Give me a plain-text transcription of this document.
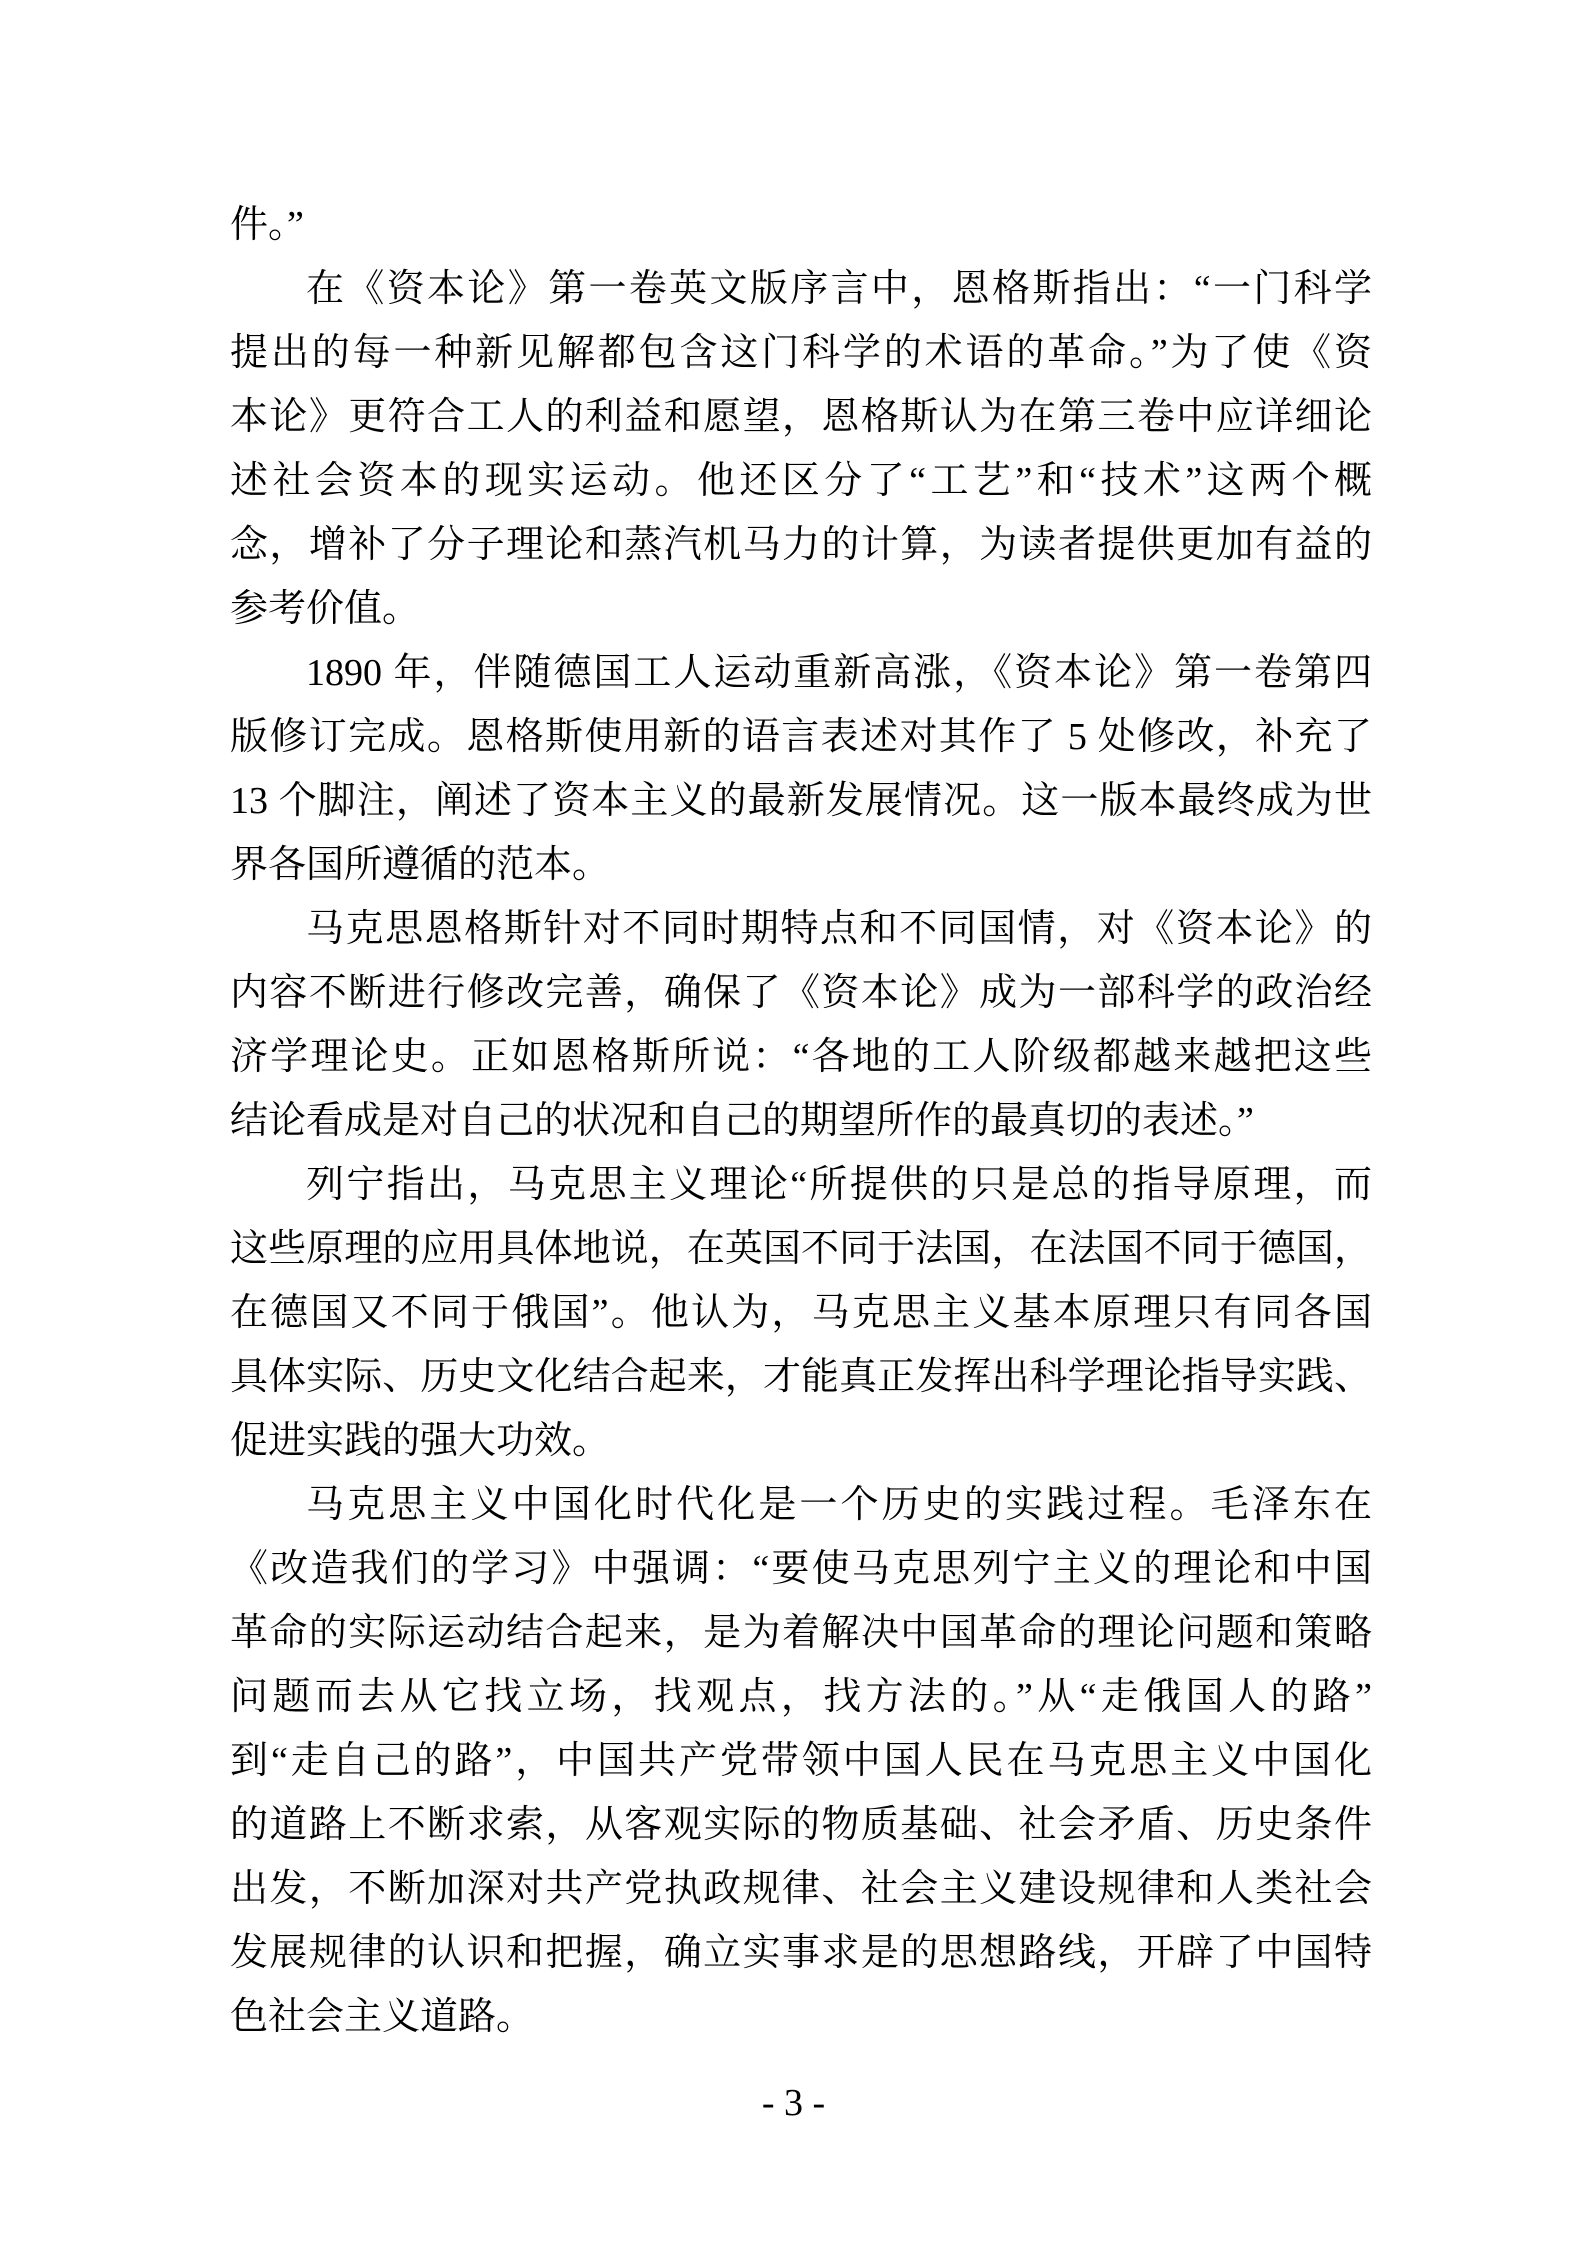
件。”

在《资本论》第一卷英文版序言中，恩格斯指出：“一门科学
提出的每一种新见解都包含这门科学的术语的革命。”为了使《资
本论》更符合工人的利益和愿望，恩格斯认为在第三卷中应详细论
述社会资本的现实运动。他还区分了“工艺”和“技术”这两个概
念，增补了分子理论和蒸汽机马力的计算，为读者提供更加有益的
参考价值。

1890 年，伴随德国工人运动重新高涨，《资本论》第一卷第四
版修订完成。恩格斯使用新的语言表述对其作了 5 处修改，补充了
13 个脚注，阐述了资本主义的最新发展情况。这一版本最终成为世
界各国所遵循的范本。

马克思恩格斯针对不同时期特点和不同国情，对《资本论》的
内容不断进行修改完善，确保了《资本论》成为一部科学的政治经
济学理论史。正如恩格斯所说：“各地的工人阶级都越来越把这些
结论看成是对自己的状况和自己的期望所作的最真切的表述。”

列宁指出，马克思主义理论“所提供的只是总的指导原理，而
这些原理的应用具体地说，在英国不同于法国，在法国不同于德国，
在德国又不同于俄国”。他认为，马克思主义基本原理只有同各国
具体实际、历史文化结合起来，才能真正发挥出科学理论指导实践、
促进实践的强大功效。

马克思主义中国化时代化是一个历史的实践过程。毛泽东在
《改造我们的学习》中强调：“要使马克思列宁主义的理论和中国
革命的实际运动结合起来，是为着解决中国革命的理论问题和策略
问题而去从它找立场，找观点，找方法的。”从“走俄国人的路”
到“走自己的路”，中国共产党带领中国人民在马克思主义中国化
的道路上不断求索，从客观实际的物质基础、社会矛盾、历史条件
出发，不断加深对共产党执政规律、社会主义建设规律和人类社会
发展规律的认识和把握，确立实事求是的思想路线，开辟了中国特
色社会主义道路。

- 3 -
